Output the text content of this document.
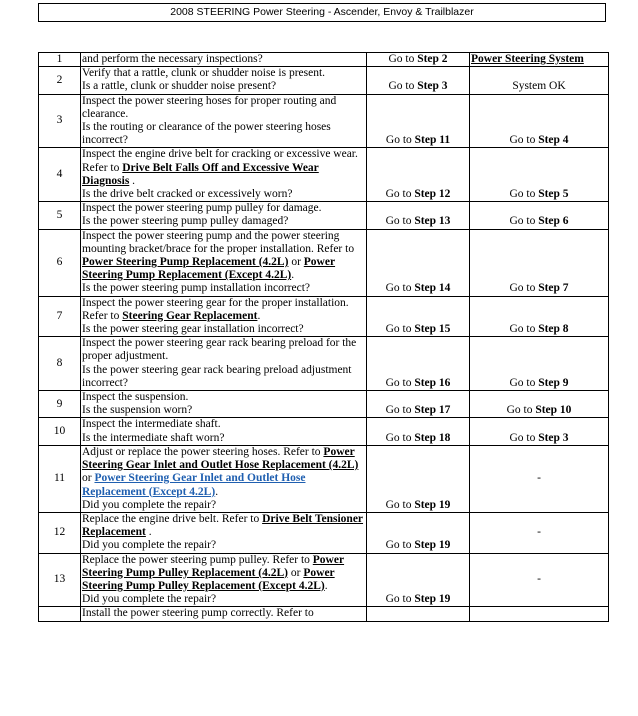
2008 STEERING Power Steering - Ascender, Envoy & Trailblazer
1	and perform the necessary inspections?	Go to Step 2	Power Steering System
2	Verify that a rattle, clunk or shudder noise is present.
Is a rattle, clunk or shudder noise present?	Go to Step 3	System OK
3	Inspect the power steering hoses for proper routing and clearance.
Is the routing or clearance of the power steering hoses incorrect?	Go to Step 11	Go to Step 4
4	Inspect the engine drive belt for cracking or excessive wear. Refer to Drive Belt Falls Off and Excessive Wear Diagnosis .
Is the drive belt cracked or excessively worn?	Go to Step 12	Go to Step 5
5	Inspect the power steering pump pulley for damage.
Is the power steering pump pulley damaged?	Go to Step 13	Go to Step 6
6	Inspect the power steering pump and the power steering mounting bracket/brace for the proper installation. Refer to Power Steering Pump Replacement (4.2L) or Power Steering Pump Replacement (Except 4.2L).
Is the power steering pump installation incorrect?	Go to Step 14	Go to Step 7
7	Inspect the power steering gear for the proper installation. Refer to Steering Gear Replacement.
Is the power steering gear installation incorrect?	Go to Step 15	Go to Step 8
8	Inspect the power steering gear rack bearing preload for the proper adjustment.
Is the power steering gear rack bearing preload adjustment incorrect?	Go to Step 16	Go to Step 9
9	Inspect the suspension.
Is the suspension worn?	Go to Step 17	Go to Step 10
10	Inspect the intermediate shaft.
Is the intermediate shaft worn?	Go to Step 18	Go to Step 3
11	Adjust or replace the power steering hoses. Refer to Power Steering Gear Inlet and Outlet Hose Replacement (4.2L) or Power Steering Gear Inlet and Outlet Hose Replacement (Except 4.2L).
Did you complete the repair?	Go to Step 19	-
12	Replace the engine drive belt. Refer to Drive Belt Tensioner Replacement .
Did you complete the repair?	Go to Step 19	-
13	Replace the power steering pump pulley. Refer to Power Steering Pump Pulley Replacement (4.2L) or Power Steering Pump Pulley Replacement (Except 4.2L).
Did you complete the repair?	Go to Step 19	-

	Install the power steering pump correctly. Refer to		
